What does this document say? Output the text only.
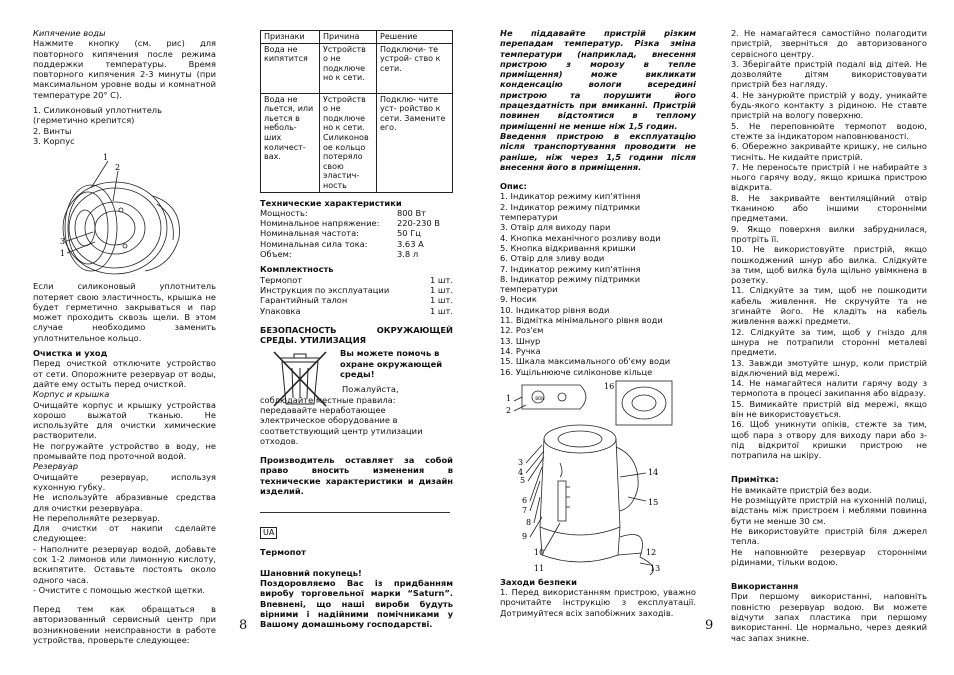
Кипячение воды

Нажмите кнопку (см. рис) для повторного кипячения после режима поддержки температуры. Время повторного кипячения 2-3 минуты (при максимальном уровне воды и комнатной температуре 20° С).

1. Силиконовый уплотнитель (герметично крепится)

2. Винты

3. Корпус

1
2
3
1

Если силиконовый уплотнитель потеряет свою эластичность, крышка не будет герметично закрываться и пар может проходить сквозь щели. В этом случае необходимо заменить уплотнительное кольцо.

Очистка и уход

Перед очисткой отключите устройство от сети. Опорожните резервуар от воды, дайте ему остыть перед очисткой.

Корпус и крышка

Очищайте корпус и крышку устройства хорошо выжатой тканью. Не используйте для очистки химические растворители.

Не погружайте устройство в воду, не промывайте под проточной водой.

Резервуар

Очищайте резервуар, используя кухонную губку.

Не используйте абразивные средства для очистки резервуара.

Не переполняйте резервуар.

Для очистки от накипи сделайте следующее:

- Наполните резервуар водой, добавьте сок 1-2 лимонов или лимонную кислоту, вскипятите. Оставьте постоять около одного часа.

- Очистите с помощью жесткой щетки.

Перед тем как обращаться в авторизованный сервисный центр при возникновении неисправности в работе устройства, проверьте следующее:

Признаки	Причина	Решение
Вода не кипятится	Устройств о не подключе но к сети.	Подключи- те устрой- ство к сети.
Вода не льется, или льется в неболь- ших количест- вах.	Устройств о не подключе но к сети. Силиконов ое кольцо потеряло свою эластич- ность	Подклю- чите уст- ройство к сети. Замените его.

Технические характеристики

Мощность:	800 Вт
Номинальное напряжение:	220-230 В
Номинальная частота:	50 Гц
Номинальная сила тока:	3.63 А
Объем:	3.8 л

Комплектность

Термопот	1 шт.
Инструкция по эксплуатации	1 шт.
Гарантийный талон	1 шт.
Упаковка	1 шт.

БЕЗОПАСНОСТЬ ОКРУЖАЮЩЕЙ СРЕДЫ. УТИЛИЗАЦИЯ

Вы можете помочь в охране окружающей среды!

Пожалуйста, соблюдайте местные правила: передавайте неработающее электрическое оборудование в соответствующий центр утилизации отходов.

Производитель оставляет за собой право вносить изменения в технические характеристики и дизайн изделий.

UA

Термопот

Шановний покупець!

Поздоровляємо Вас із придбанням виробу торговельної марки “Saturn”. Впевнені, що наші вироби будуть вірними і надійними помічниками у Вашому домашньому господарстві.

8

Не піддавайте пристрій різким перепадам температур. Різка зміна температури (наприклад, внесення пристрою з морозу в тепле приміщення) може викликати конденсацію вологи всередині пристрою та порушити його працездатність при вмиканні. Пристрій повинен відстоятися в теплому приміщенні не менше ніж 1,5 годин.

Введення пристрою в експлуатацію після транспортування проводити не раніше, ніж через 1,5 години після внесення його в приміщення.

Опис:

1. Індикатор режиму кип'ятіння

2. Індикатор режиму підтримки температури

3. Отвір для виходу пари

4. Кнопка механічного розливу води

5. Кнопка відкривання кришки

6. Отвір для зливу води

7. Індикатор режиму кип'ятіння

8. Індикатор режиму підтримки температури

9. Носик

10. Індикатор рівня води

11. Відмітка мінімального рівня води

12. Роз'єм

13. Шнур

14. Ручка

15. Шкала максимального об'єму води

16. Ущільнююче силіконове кільце

BOIL
1
2
3
4
5
6
7
8
9
10
11
12
13
14
15
16

Заходи безпеки

1. Перед використанням пристрою, уважно прочитайте інструкцію з експлуатації. Дотримуйтеся всіх запобіжних заходів.

9

2. Не намагайтеся самостійно полагодити пристрій, зверніться до авторизованого сервісного центру.

3. Зберігайте пристрій подалі від дітей. Не дозволяйте дітям використовувати пристрій без нагляду.

4. Не занурюйте пристрій у воду, уникайте будь-якого контакту з рідиною. Не ставте пристрій на вологу поверхню.

5. Не переповнюйте термопот водою, стежте за індикатором наповнюваності.

6. Обережно закривайте кришку, не сильно тисніть. Не кидайте пристрій.

7. Не переносьте пристрій і не набирайте з нього гарячу воду, якщо кришка пристрою відкрита.

8. Не закривайте вентиляційний отвір тканиною або іншими сторонніми предметами.

9. Якщо поверхня вилки забруднилася, протріть її.

10. Не використовуйте пристрій, якщо пошкоджений шнур або вилка. Слідкуйте за тим, щоб вилка була щільно увімкнена в розетку.

11. Слідкуйте за тим, щоб не пошкодити кабель живлення. Не скручуйте та не згинайте його. Не кладіть на кабель живлення важкі предмети.

12. Слідкуйте за тим, щоб у гніздо для шнура не потрапили сторонні металеві предмети.

13. Завжди змотуйте шнур, коли пристрій відключений від мережі.

14. Не намагайтеся налити гарячу воду з термопота в процесі закипання або відразу.

15. Вимикайте пристрій від мережі, якщо він не використовується.

16. Щоб уникнути опіків, стежте за тим, щоб пара з отвору для виходу пари або з-під відкритої кришки пристрою не потрапила на шкіру.

Примітка:

Не вмикайте пристрій без води.

Не розміщуйте пристрій на кухонній полиці, відстань між пристроєм і меблями повинна бути не менше 30 см.

Не використовуйте пристрій біля джерел тепла.

Не наповнюйте резервуар сторонніми рідинами, тільки водою.

Використання

При першому використанні, наповніть повністю резервуар водою. Ви можете відчути запах пластика при першому використанні. Це нормально, через деякий час запах зникне.
